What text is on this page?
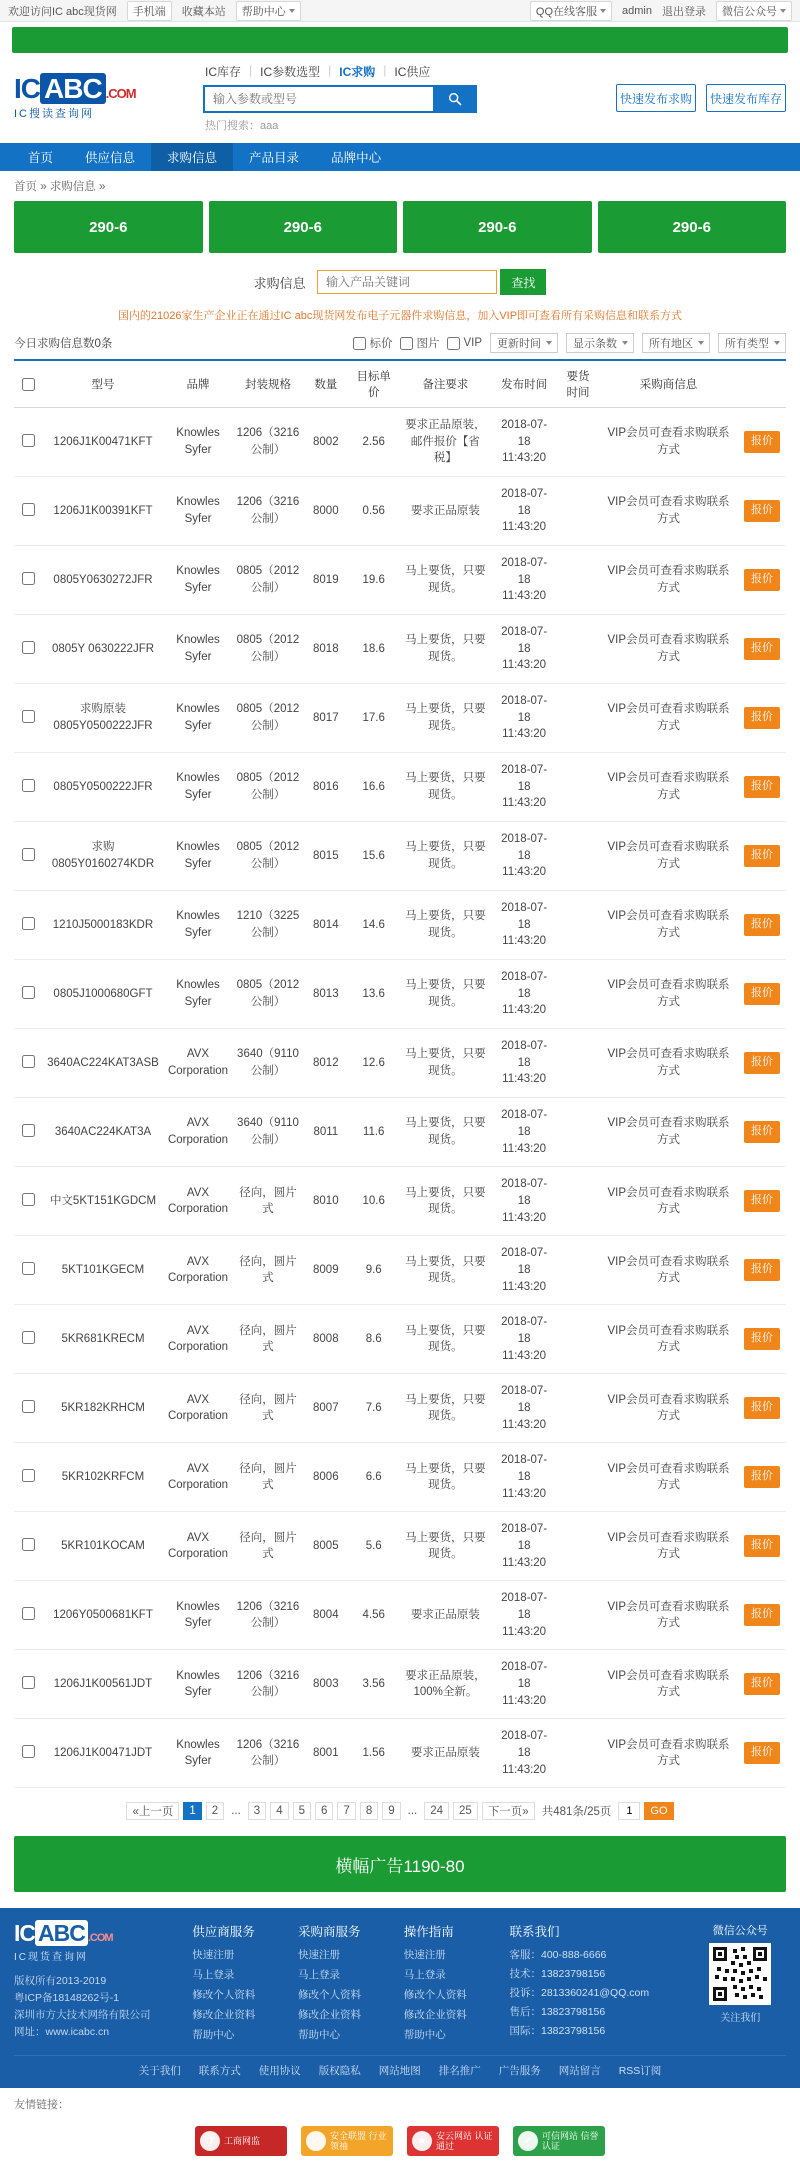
欢迎访问IC abc现货网 手机端 收藏本站 帮助中心	QQ在线客服 admin 退出登录 微信公众号
IC ABC .COM
IC搜读查询网
IC库存 | IC参数选型 | IC求购 | IC供应
输入参数或型号
热门搜索：aaa
快速发布求购	快速发布库存
首页	供应信息	求购信息	产品目录	品牌中心
首页 » 求购信息 »
290-6	290-6	290-6	290-6
求购信息 输入产品关键词	查找
国内的21026家生产企业正在通过IC abc现货网发布电子元器件求购信息，加入VIP即可查看所有采购信息和联系方式
今日求购信息数0条	标价 图片 VIP 更新时间	显示条数	所有地区	所有类型
	型号	品牌	封装规格	数量	目标单价	备注要求	发布时间	要货时间	采购商信息	
	1206J1K00471KFT	Knowles Syfer	1206（3216公制）	8002	2.56	要求正品原装，邮件报价【省税】	2018-07-18 11:43:20		VIP会员可查看求购联系方式	报价
	1206J1K00391KFT	Knowles Syfer	1206（3216公制）	8000	0.56	要求正品原装	2018-07-18 11:43:20		VIP会员可查看求购联系方式	报价
	0805Y0630272JFR	Knowles Syfer	0805（2012公制）	8019	19.6	马上要货，只要现货。	2018-07-18 11:43:20		VIP会员可查看求购联系方式	报价
	0805Y 0630222JFR	Knowles Syfer	0805（2012公制）	8018	18.6	马上要货，只要现货。	2018-07-18 11:43:20		VIP会员可查看求购联系方式	报价
	求购原装 0805Y0500222JFR	Knowles Syfer	0805（2012公制）	8017	17.6	马上要货，只要现货。	2018-07-18 11:43:20		VIP会员可查看求购联系方式	报价
	0805Y0500222JFR	Knowles Syfer	0805（2012公制）	8016	16.6	马上要货，只要现货。	2018-07-18 11:43:20		VIP会员可查看求购联系方式	报价
	求购 0805Y0160274KDR	Knowles Syfer	0805（2012公制）	8015	15.6	马上要货，只要现货。	2018-07-18 11:43:20		VIP会员可查看求购联系方式	报价
	1210J5000183KDR	Knowles Syfer	1210（3225公制）	8014	14.6	马上要货，只要现货。	2018-07-18 11:43:20		VIP会员可查看求购联系方式	报价
	0805J1000680GFT	Knowles Syfer	0805（2012公制）	8013	13.6	马上要货，只要现货。	2018-07-18 11:43:20		VIP会员可查看求购联系方式	报价
	3640AC224KAT3ASB	AVX Corporation	3640（9110公制）	8012	12.6	马上要货，只要现货。	2018-07-18 11:43:20		VIP会员可查看求购联系方式	报价
	3640AC224KAT3A	AVX Corporation	3640（9110公制）	8011	11.6	马上要货，只要现货。	2018-07-18 11:43:20		VIP会员可查看求购联系方式	报价
	中文5KT151KGDCM	AVX Corporation	径向，圆片式	8010	10.6	马上要货，只要现货。	2018-07-18 11:43:20		VIP会员可查看求购联系方式	报价
	5KT101KGECM	AVX Corporation	径向，圆片式	8009	9.6	马上要货，只要现货。	2018-07-18 11:43:20		VIP会员可查看求购联系方式	报价
	5KR681KRECM	AVX Corporation	径向，圆片式	8008	8.6	马上要货，只要现货。	2018-07-18 11:43:20		VIP会员可查看求购联系方式	报价
	5KR182KRHCM	AVX Corporation	径向，圆片式	8007	7.6	马上要货，只要现货。	2018-07-18 11:43:20		VIP会员可查看求购联系方式	报价
	5KR102KRFCM	AVX Corporation	径向，圆片式	8006	6.6	马上要货，只要现货。	2018-07-18 11:43:20		VIP会员可查看求购联系方式	报价
	5KR101KOCAM	AVX Corporation	径向，圆片式	8005	5.6	马上要货，只要现货。	2018-07-18 11:43:20		VIP会员可查看求购联系方式	报价
	1206Y0500681KFT	Knowles Syfer	1206（3216公制）	8004	4.56	要求正品原装	2018-07-18 11:43:20		VIP会员可查看求购联系方式	报价
	1206J1K00561JDT	Knowles Syfer	1206（3216公制）	8003	3.56	要求正品原装，100%全新。	2018-07-18 11:43:20		VIP会员可查看求购联系方式	报价
	1206J1K00471JDT	Knowles Syfer	1206（3216公制）	8001	1.56	要求正品原装	2018-07-18 11:43:20		VIP会员可查看求购联系方式	报价
«上一页	1	2	...	3	4	5	6	7	8	9	...	24	25	下一页»	共481条/25页
1	GO
横幅广告1190-80
IC ABC .COM
IC现货查询网
版权所有2013-2019
粤ICP备18148262号-1
深圳市方大技术网络有限公司
网址：www.icabc.cn
供应商服务
快速注册
马上登录
修改个人资料
修改企业资料
帮助中心
采购商服务
快速注册
马上登录
修改个人资料
修改企业资料
帮助中心
操作指南
快速注册
马上登录
修改个人资料
修改企业资料
帮助中心
联系我们
客服：400-888-6666
技术：13823798156
投诉：2813360241@QQ.com
售后：13823798156
国际：13823798156
微信公众号
关注我们
关于我们 联系方式 使用协议 版权隐私 网站地图 排名推广 广告服务 网站留言 RSS订阅
友情链接：
🛡 工商网监	✔	安全联盟 行业领袖	★	安云网站 认证通过	✓	可信网站 信誉认证
